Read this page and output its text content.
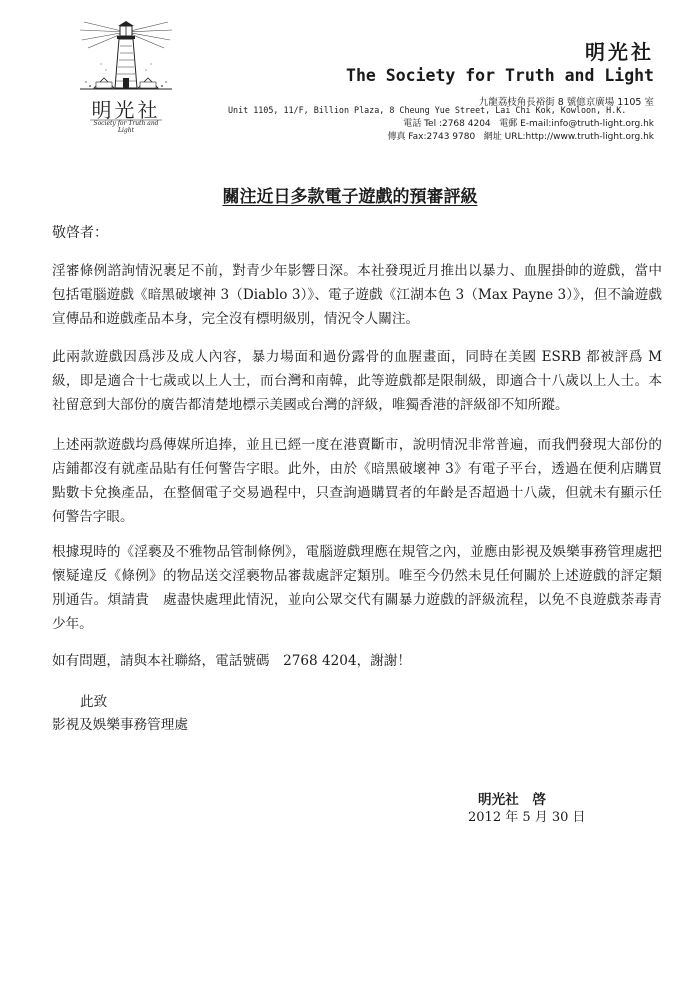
明光社
Society for Truth and Light
明光社
The Society for Truth and Light
九龍荔枝角長裕街 8 號億京廣場 1105 室
Unit 1105, 11/F, Billion Plaza, 8 Cheung Yue Street, Lai Chi Kok, Kowloon, H.K.
電話 Tel :2768 4204 電郵 E-mail:info@truth-light.org.hk
傳真 Fax:2743 9780 網址 URL:http://www.truth-light.org.hk
關注近日多款電子遊戲的預審評級
敬啓者：
淫審條例諮詢情況裹足不前，對青少年影響日深。本社發現近月推出以暴力、血腥掛帥的遊戲，當中包括電腦遊戲《暗黑破壞神 3（Diablo 3）》、電子遊戲《江湖本色 3（Max Payne 3）》，但不論遊戲宣傳品和遊戲產品本身，完全沒有標明級別，情況令人關注。
此兩款遊戲因爲涉及成人內容，暴力場面和過份露骨的血腥畫面，同時在美國 ESRB 都被評爲 M 級，即是適合十七歲或以上人士，而台灣和南韓，此等遊戲都是限制級，即適合十八歲以上人士。本社留意到大部份的廣告都清楚地標示美國或台灣的評級，唯獨香港的評級卻不知所蹤。
上述兩款遊戲均爲傳媒所追捧，並且已經一度在港賣斷市，說明情況非常普遍，而我們發現大部份的店鋪都沒有就產品貼有任何警告字眼。此外，由於《暗黑破壞神 3》有電子平台，透過在便利店購買點數卡兌換產品，在整個電子交易過程中，只查詢過購買者的年齡是否超過十八歲，但就未有顯示任何警告字眼。
根據現時的《淫褻及不雅物品管制條例》，電腦遊戲理應在規管之內，並應由影視及娛樂事務管理處把懷疑違反《條例》的物品送交淫褻物品審裁處評定類別。唯至今仍然未見任何關於上述遊戲的評定類別通告。煩請貴　處盡快處理此情況，並向公眾交代有關暴力遊戲的評級流程，以免不良遊戲荼毒青少年。
如有問題，請與本社聯絡，電話號碼　2768 4204，謝謝！
此致
影視及娛樂事務管理處
明光社　啓
2012 年 5 月 30 日
